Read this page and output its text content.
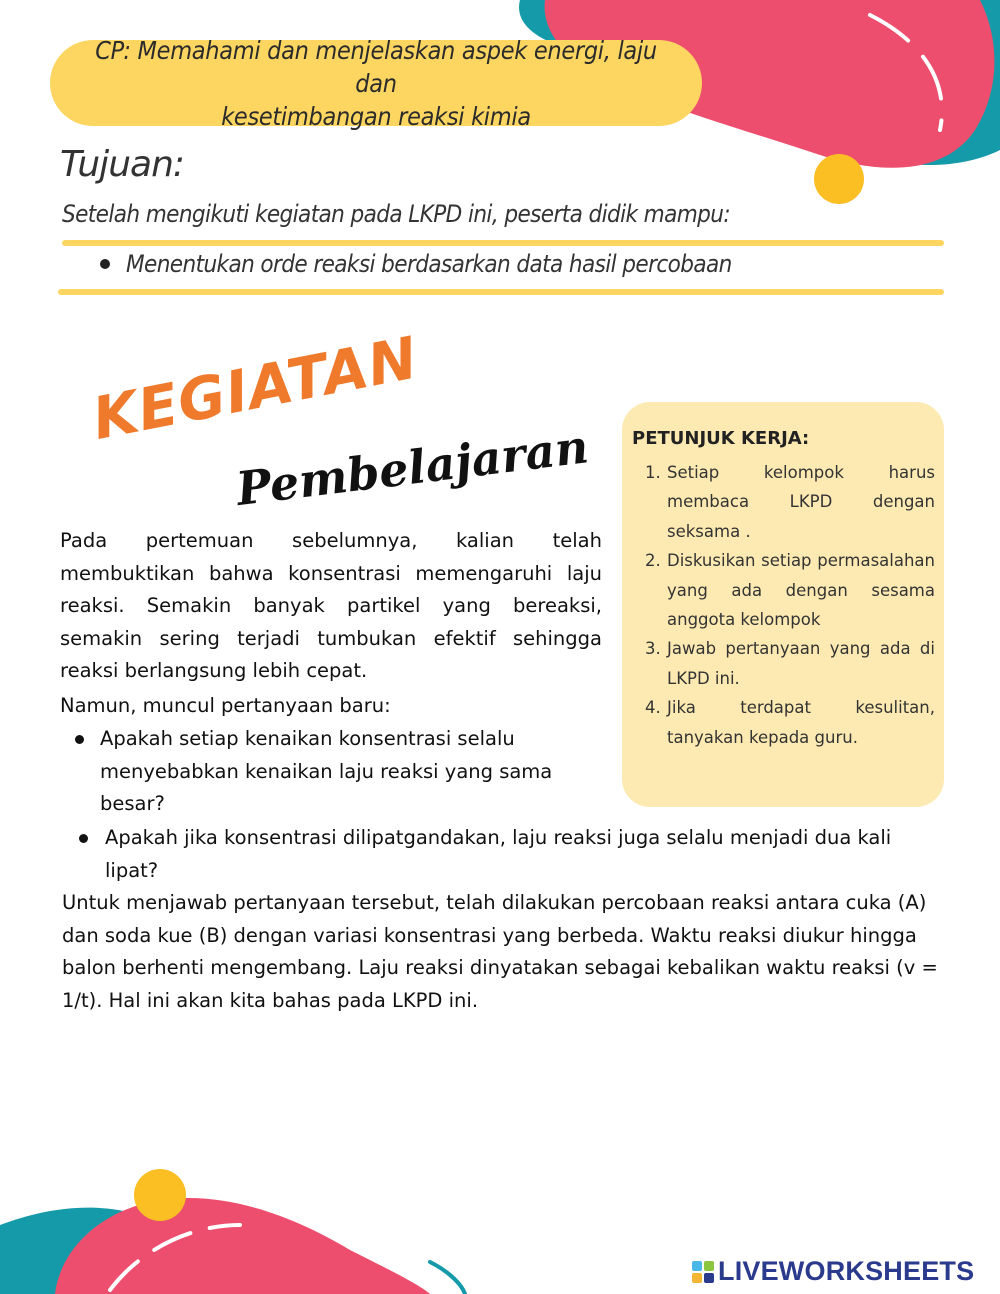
CP: Memahami dan menjelaskan aspek energi, laju dan
kesetimbangan reaksi kimia
Tujuan:
Setelah mengikuti kegiatan pada LKPD ini, peserta didik mampu:
Menentukan orde reaksi berdasarkan data hasil percobaan
KEGIATAN
Pembelajaran PETUNJUK KERJA:
1. Setiap kelompok harus membaca LKPD dengan seksama .
2. Diskusikan setiap permasalahan yang ada dengan sesama anggota kelompok
3. Jawab pertanyaan yang ada di LKPD ini.
4. Jika terdapat kesulitan, tanyakan kepada guru.
Pada pertemuan sebelumnya, kalian telah membuktikan bahwa konsentrasi memengaruhi laju reaksi. Semakin banyak partikel yang bereaksi, semakin sering terjadi tumbukan efektif sehingga reaksi berlangsung lebih cepat.
Namun, muncul pertanyaan baru:
Apakah setiap kenaikan konsentrasi selalu menyebabkan kenaikan laju reaksi yang sama besar?
Apakah jika konsentrasi dilipatgandakan, laju reaksi juga selalu menjadi dua kali lipat?
Untuk menjawab pertanyaan tersebut, telah dilakukan percobaan reaksi antara cuka (A) dan soda kue (B) dengan variasi konsentrasi yang berbeda. Waktu reaksi diukur hingga balon berhenti mengembang. Laju reaksi dinyatakan sebagai kebalikan waktu reaksi (v = 1/t). Hal ini akan kita bahas pada LKPD ini.
LIVEWORKSHEETS
